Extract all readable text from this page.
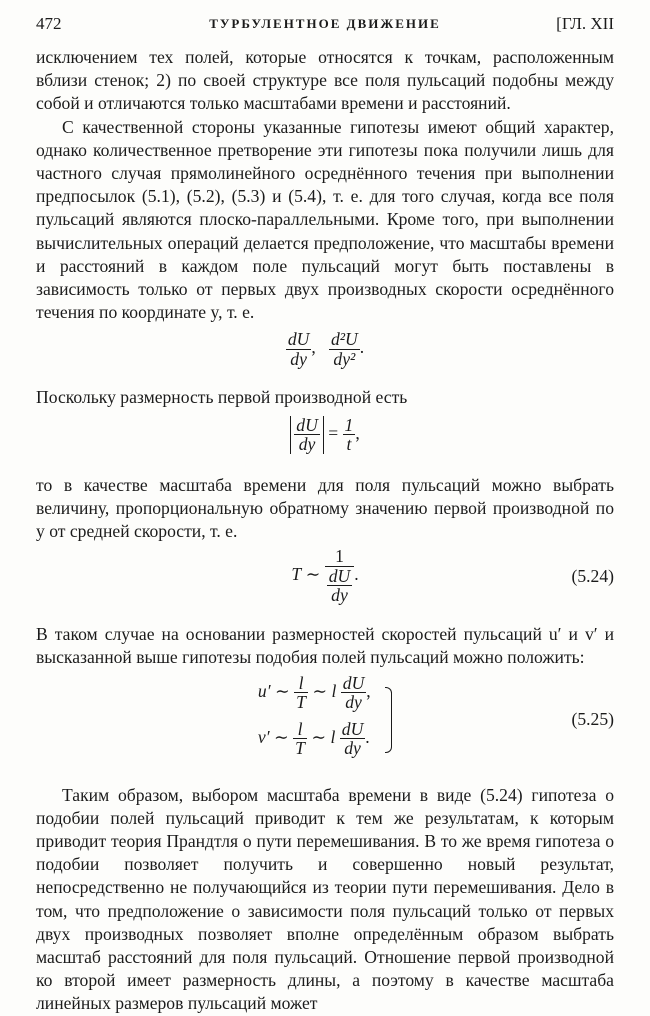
472	ТУРБУЛЕНТНОЕ ДВИЖЕНИЕ	[ГЛ. XII

исключением тех полей, которые относятся к точкам, расположенным вблизи стенок; 2) по своей структуре все поля пульсаций подобны между собой и отличаются только масштабами времени и расстояний.

С качественной стороны указанные гипотезы имеют общий характер, однако количественное претворение эти гипотезы пока получили лишь для частного случая прямолинейного осреднённого течения при выполнении предпосылок (5.1), (5.2), (5.3) и (5.4), т. е. для того случая, когда все поля пульсаций являются плоско-параллельными. Кроме того, при выполнении вычислительных операций делается предположение, что масштабы времени и расстояний в каждом поле пульсаций могут быть поставлены в зависимость только от первых двух производных скорости осреднённого течения по координате y, т. е.

$\frac{dU}{dy}$ , $\frac{\text{d²U}}{\text{dy²}}$ .

Поскольку размерность первой производной есть

$\frac{dU}{dy} = \frac{1}{t}$ ,

то в качестве масштаба времени для поля пульсаций можно выбрать величину, пропорциональную обратному значению первой производной по y от средней скорости, т. е.

T ∼ $\frac{1}{\frac{dU}{dy}}$ .	(5.24)

В таком случае на основании размерностей скоростей пульсаций u′ и v′ и высказанной выше гипотезы подобия полей пульсаций можно положить:

u′ ∼ $\frac{l}{T}$ ∼ l $\frac{dU}{dy}$ ,
v′ ∼ $\frac{l}{T}$ ∼ l $\frac{dU}{dy}$ .

(5.25)

Таким образом, выбором масштаба времени в виде (5.24) гипотеза о подобии полей пульсаций приводит к тем же результатам, к которым приводит теория Прандтля о пути перемешивания. В то же время гипотеза о подобии позволяет получить и совершенно новый результат, непосредственно не получающийся из теории пути перемешивания. Дело в том, что предположение о зависимости поля пульсаций только от первых двух производных позволяет вполне определённым образом выбрать масштаб расстояний для поля пульсаций. Отношение первой производной ко второй имеет размерность длины, а поэтому в качестве масштаба линейных размеров пульсаций может
